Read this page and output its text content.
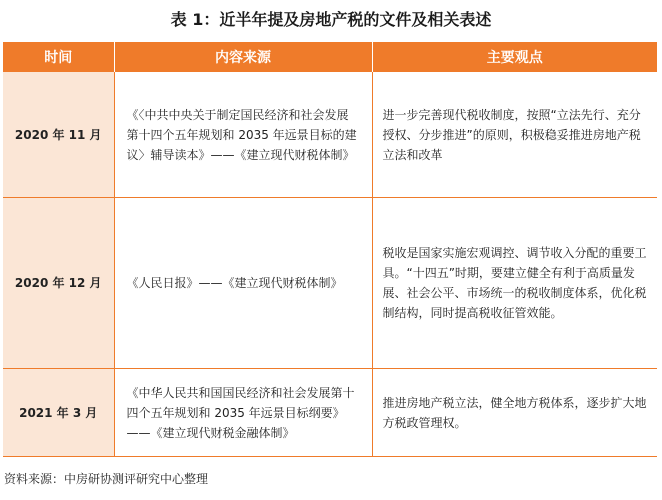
表 1：近半年提及房地产税的文件及相关表述
时间	内容来源	主要观点
2020 年 11 月	《〈中共中央关于制定国民经济和社会发展第十四个五年规划和 2035 年远景目标的建议〉辅导读本》——《建立现代财税体制》	进一步完善现代税收制度，按照“立法先行、充分授权、分步推进”的原则，积极稳妥推进房地产税立法和改革
2020 年 12 月	《人民日报》——《建立现代财税体制》	税收是国家实施宏观调控、调节收入分配的重要工具。“十四五”时期，要建立健全有利于高质量发展、社会公平、市场统一的税收制度体系，优化税制结构，同时提高税收征管效能。
2021 年 3 月	《中华人民共和国国民经济和社会发展第十四个五年规划和 2035 年远景目标纲要》——《建立现代财税金融体制》	推进房地产税立法，健全地方税体系，逐步扩大地方税政管理权。
资料来源：中房研协测评研究中心整理
